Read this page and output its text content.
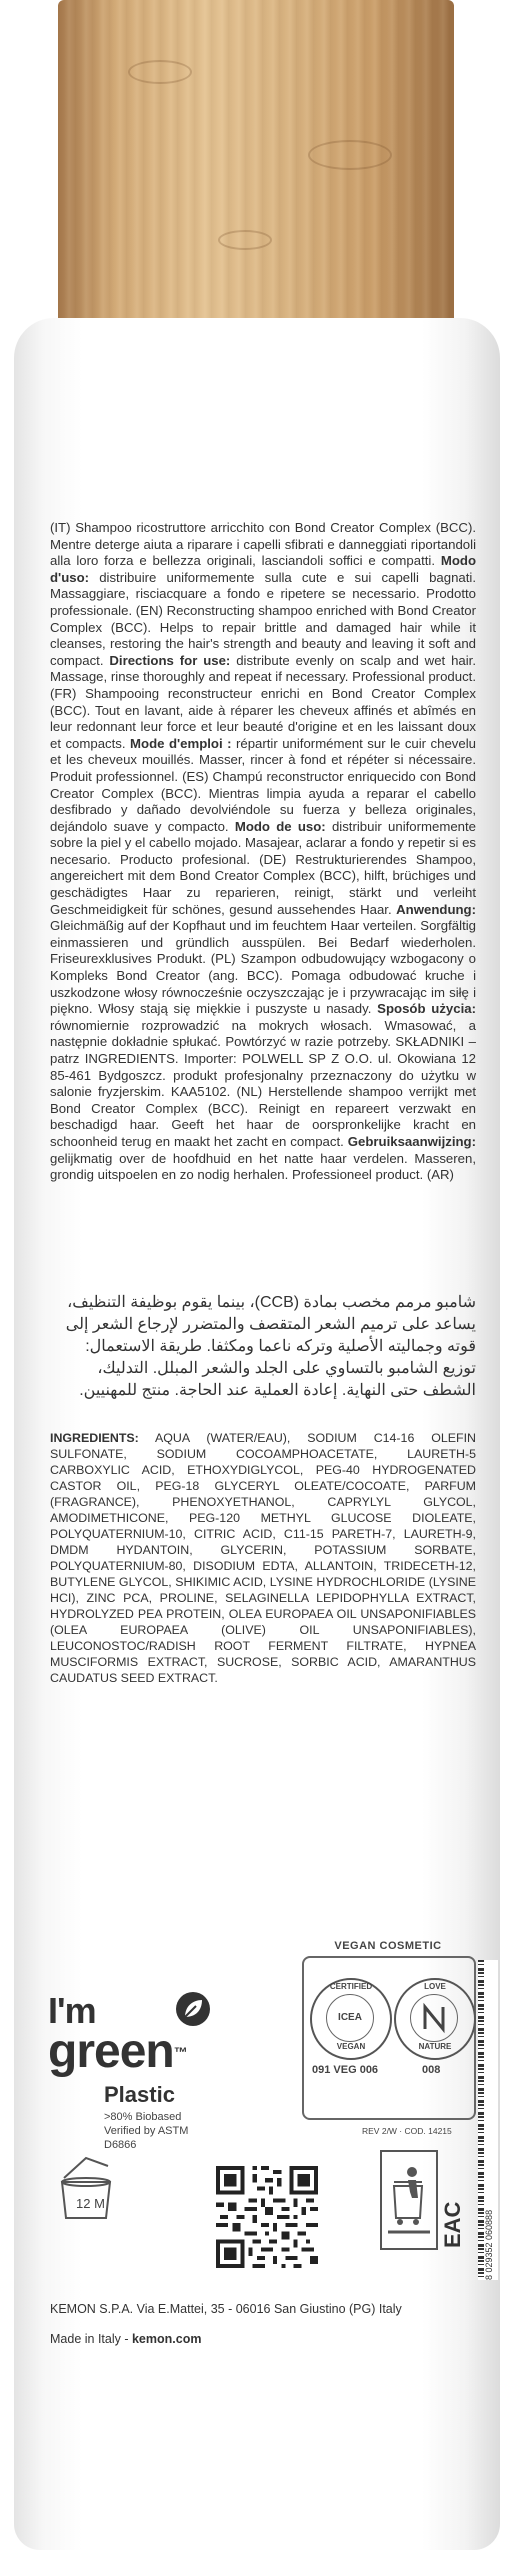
(IT) Shampoo ricostruttore arricchito con Bond Creator Complex (BCC). Mentre deterge aiuta a riparare i capelli sfibrati e danneggiati riportandoli alla loro forza e bellezza originali, lasciandoli soffici e compatti. Modo d'uso: distribuire uniformemente sulla cute e sui capelli bagnati. Massaggiare, risciacquare a fondo e ripetere se necessario. Prodotto professionale. (EN) Reconstructing shampoo enriched with Bond Creator Complex (BCC). Helps to repair brittle and damaged hair while it cleanses, restoring the hair's strength and beauty and leaving it soft and compact. Directions for use: distribute evenly on scalp and wet hair. Massage, rinse thoroughly and repeat if necessary. Professional product. (FR) Shampooing reconstructeur enrichi en Bond Creator Complex (BCC). Tout en lavant, aide à réparer les cheveux affinés et abîmés en leur redonnant leur force et leur beauté d'origine et en les laissant doux et compacts. Mode d'emploi : répartir uniformément sur le cuir chevelu et les cheveux mouillés. Masser, rincer à fond et répéter si nécessaire. Produit professionnel. (ES) Champú reconstructor enriquecido con Bond Creator Complex (BCC). Mientras limpia ayuda a reparar el cabello desfibrado y dañado devolviéndole su fuerza y belleza originales, dejándolo suave y compacto. Modo de uso: distribuir uniformemente sobre la piel y el cabello mojado. Masajear, aclarar a fondo y repetir si es necesario. Producto profesional. (DE) Restrukturierendes Shampoo, angereichert mit dem Bond Creator Complex (BCC), hilft, brüchiges und geschädigtes Haar zu reparieren, reinigt, stärkt und verleiht Geschmeidigkeit für schönes, gesund aussehendes Haar. Anwendung: Gleichmäßig auf der Kopfhaut und im feuchtem Haar verteilen. Sorgfältig einmassieren und gründlich ausspülen. Bei Bedarf wiederholen. Friseurexklusives Produkt. (PL) Szampon odbudowujący wzbogacony o Kompleks Bond Creator (ang. BCC). Pomaga odbudować kruche i uszkodzone włosy równocześnie oczyszczając je i przywracając im siłę i piękno. Włosy stają się miękkie i puszyste u nasady. Sposób użycia: równomiernie rozprowadzić na mokrych włosach. Wmasować, a następnie dokładnie spłukać. Powtórzyć w razie potrzeby. SKŁADNIKI – patrz INGREDIENTS. Importer: POLWELL SP Z O.O. ul. Okowiana 12 85-461 Bydgoszcz. produkt profesjonalny przeznaczony do użytku w salonie fryzjerskim. KAA5102. (NL) Herstellende shampoo verrijkt met Bond Creator Complex (BCC). Reinigt en repareert verzwakt en beschadigd haar. Geeft het haar de oorspronkelijke kracht en schoonheid terug en maakt het zacht en compact. Gebruiksaanwijzing: gelijkmatig over de hoofdhuid en het natte haar verdelen. Masseren, grondig uitspoelen en zo nodig herhalen. Professioneel product. (AR)
شامبو مرمم مخصب بمادة (CCB)، بينما يقوم بوظيفة التنظيف، يساعد على ترميم الشعر المتقصف والمتضرر لإرجاع الشعر إلى قوته وجماليته الأصلية وتركه ناعما ومكثفا. طريقة الاستعمال: توزيع الشامبو بالتساوي على الجلد والشعر المبلل. التدليك، الشطف حتى النهاية. إعادة العملية عند الحاجة. منتج للمهنيين.
INGREDIENTS: AQUA (WATER/EAU), SODIUM C14-16 OLEFIN SULFONATE, SODIUM COCOAMPHOACETATE, LAURETH-5 CARBOXYLIC ACID, ETHOXYDIGLYCOL, PEG-40 HYDROGENATED CASTOR OIL, PEG-18 GLYCERYL OLEATE/COCOATE, PARFUM (FRAGRANCE), PHENOXYETHANOL, CAPRYLYL GLYCOL, AMODIMETHICONE, PEG-120 METHYL GLUCOSE DIOLEATE, POLYQUATERNIUM-10, CITRIC ACID, C11-15 PARETH-7, LAURETH-9, DMDM HYDANTOIN, GLYCERIN, POTASSIUM SORBATE, POLYQUATERNIUM-80, DISODIUM EDTA, ALLANTOIN, TRIDECETH-12, BUTYLENE GLYCOL, SHIKIMIC ACID, LYSINE HYDROCHLORIDE (LYSINE HCI), ZINC PCA, PROLINE, SELAGINELLA LEPIDOPHYLLA EXTRACT, HYDROLYZED PEA PROTEIN, OLEA EUROPAEA OIL UNSAPONIFIABLES (OLEA EUROPAEA (OLIVE) OIL UNSAPONIFIABLES), LEUCONOSTOC/RADISH ROOT FERMENT FILTRATE, HYPNEA MUSCIFORMIS EXTRACT, SUCROSE, SORBIC ACID, AMARANTHUS CAUDATUS SEED EXTRACT.
I'm
green™
Plastic
>80% Biobased
Verified by ASTM D6866
VEGAN COSMETIC
CERTIFIED
ICEA
VEGAN
LOVE
NATURE
091 VEG 006	008
8 029352 060888
REV 2/W · COD. 14215
12 M	EAC
KEMON S.P.A. Via E.Mattei, 35 - 06016 San Giustino (PG) Italy
Made in Italy - kemon.com
